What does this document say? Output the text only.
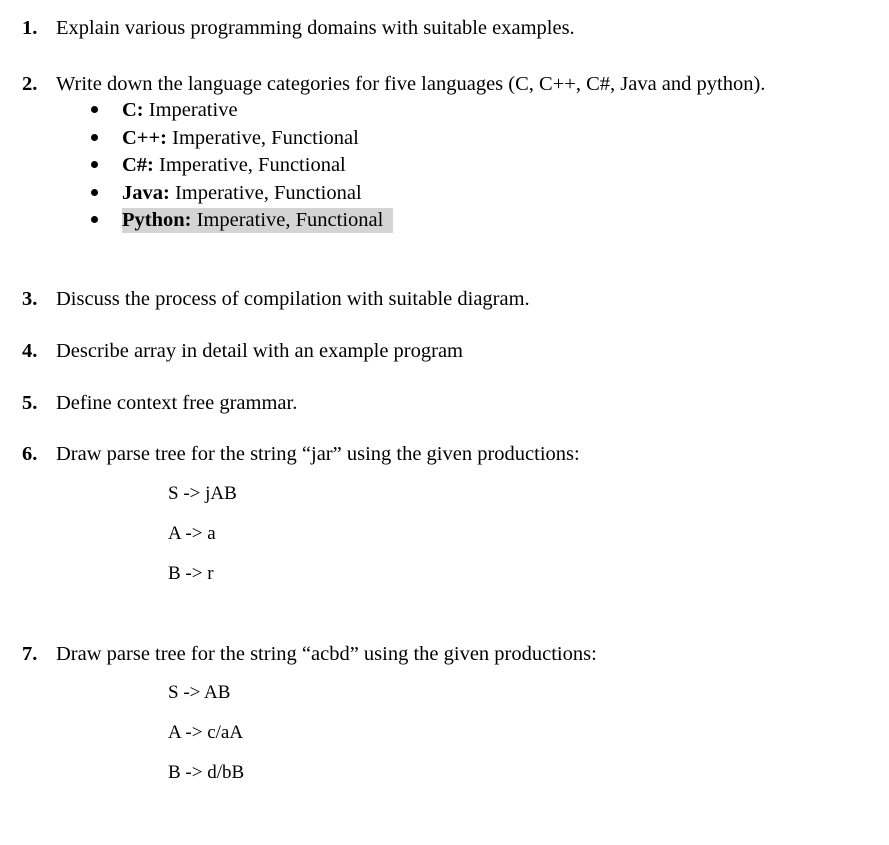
1. Explain various programming domains with suitable examples.
2. Write down the language categories for five languages (C, C++, C#, Java and python).
C: Imperative
C++: Imperative, Functional
C#: Imperative, Functional
Java: Imperative, Functional
Python: Imperative, Functional
3. Discuss the process of compilation with suitable diagram.
4. Describe array in detail with an example program
5. Define context free grammar.
6. Draw parse tree for the string “jar” using the given productions:
S -> jAB
A -> a
B -> r
7. Draw parse tree for the string “acbd” using the given productions:
S -> AB
A -> c/aA
B -> d/bB
